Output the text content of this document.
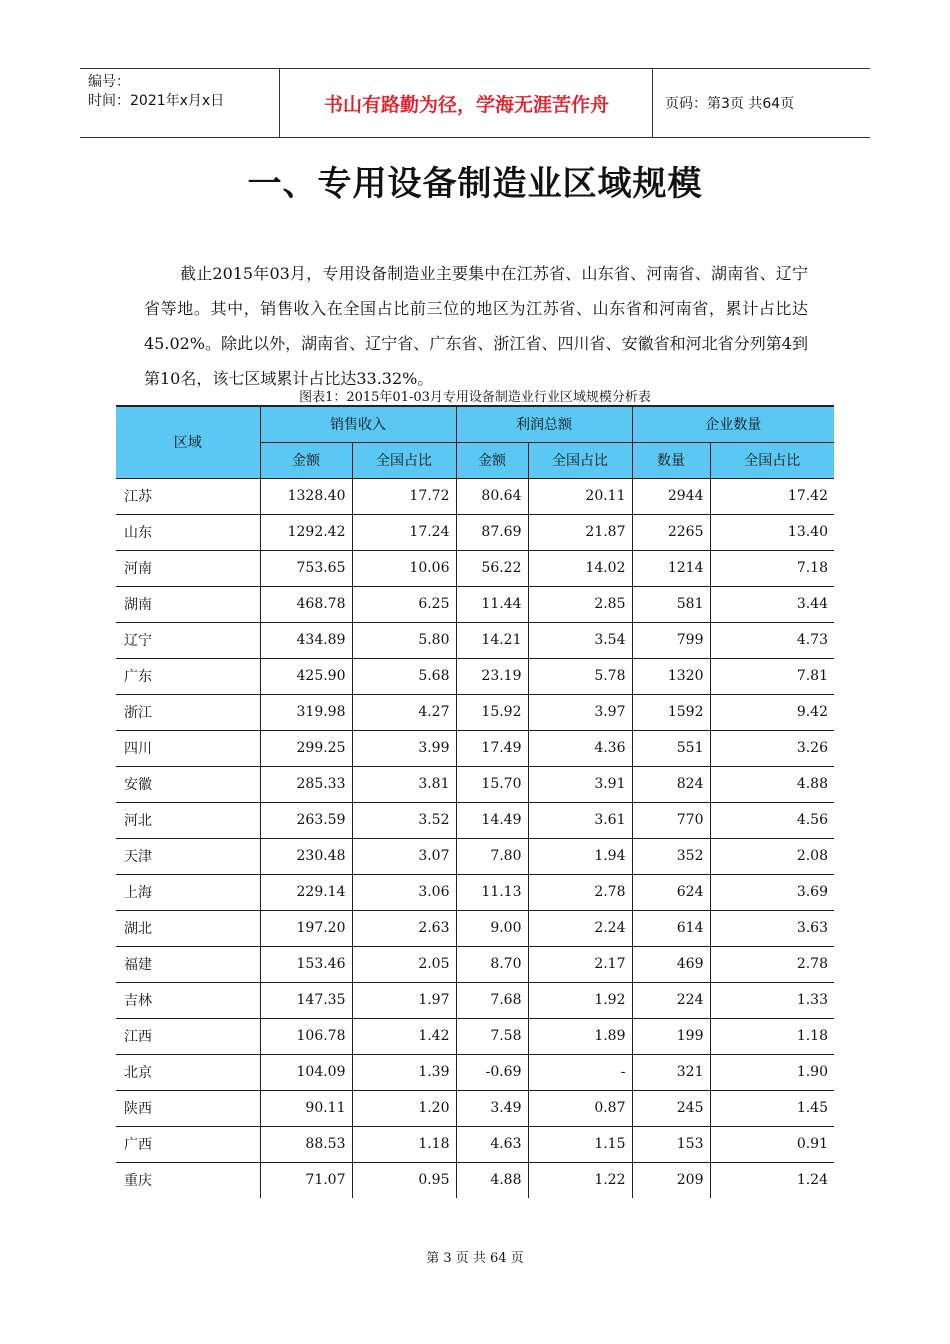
编号：
时间：2021年x月x日	书山有路勤为径，学海无涯苦作舟	页码：第3页 共64页
一、专用设备制造业区域规模

截止2015年03月，专用设备制造业主要集中在江苏省、山东省、河南省、湖南省、辽宁省等地。其中，销售收入在全国占比前三位的地区为江苏省、山东省和河南省，累计占比达45.02%。除此以外，湖南省、辽宁省、广东省、浙江省、四川省、安徽省和河北省分列第4到第10名，该七区域累计占比达33.32%。

图表1：2015年01-03月专用设备制造业行业区域规模分析表
区域	销售收入		利润总额		企业数量	
	金额	全国占比	金额	全国占比	数量	全国占比
江苏	1328.40	17.72	80.64	20.11	2944	17.42
山东	1292.42	17.24	87.69	21.87	2265	13.40
河南	753.65	10.06	56.22	14.02	1214	7.18
湖南	468.78	6.25	11.44	2.85	581	3.44
辽宁	434.89	5.80	14.21	3.54	799	4.73
广东	425.90	5.68	23.19	5.78	1320	7.81
浙江	319.98	4.27	15.92	3.97	1592	9.42
四川	299.25	3.99	17.49	4.36	551	3.26
安徽	285.33	3.81	15.70	3.91	824	4.88
河北	263.59	3.52	14.49	3.61	770	4.56
天津	230.48	3.07	7.80	1.94	352	2.08
上海	229.14	3.06	11.13	2.78	624	3.69
湖北	197.20	2.63	9.00	2.24	614	3.63
福建	153.46	2.05	8.70	2.17	469	2.78
吉林	147.35	1.97	7.68	1.92	224	1.33
江西	106.78	1.42	7.58	1.89	199	1.18
北京	104.09	1.39	-0.69	-	321	1.90
陕西	90.11	1.20	3.49	0.87	245	1.45
广西	88.53	1.18	4.63	1.15	153	0.91
重庆	71.07	0.95	4.88	1.22	209	1.24
第 3 页 共 64 页
